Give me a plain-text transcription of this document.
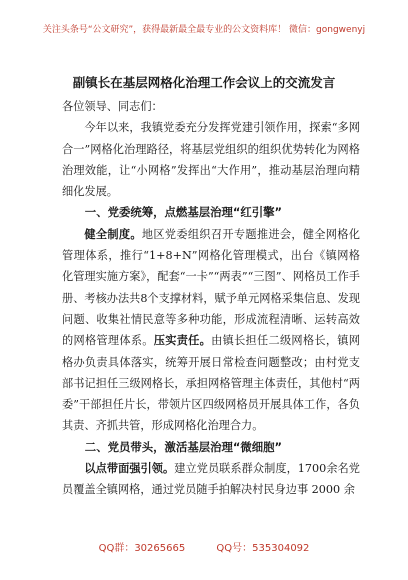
关注头条号“公文研究”，获得最新最全最专业的公文资料库！ 微信：gongwenyj
副镇长在基层网格化治理工作会议上的交流发言

各位领导、同志们：

今年以来，我镇党委充分发挥党建引领作用，探索“多网合一”网格化治理路径，将基层党组织的组织优势转化为网格治理效能，让“小网格”发挥出“大作用”，推动基层治理向精细化发展。

一、党委统筹，点燃基层治理“红引擎”

健全制度。地区党委组织召开专题推进会，健全网格化管理体系，推行“1+8+N”网格化管理模式，出台《镇网格化管理实施方案》，配套“一卡”“两表”“三图”、网格员工作手册、考核办法共8个支撑材料，赋予单元网格采集信息、发现问题、收集社情民意等多种功能，形成流程清晰、运转高效的网格管理体系。压实责任。由镇长担任二级网格长，镇网格办负责具体落实，统筹开展日常检查问题整改；由村党支部书记担任三级网格长，承担网格管理主体责任，其他村“两委”干部担任片长，带领片区四级网格员开展具体工作，各负其责、齐抓共管，形成网格化治理合力。

二、党员带头，激活基层治理“微细胞”

以点带面强引领。建立党员联系群众制度，1700余名党员覆盖全镇网格，通过党员随手拍解决村民身边事 2000 余

QQ群：30265665	QQ号：535304092
